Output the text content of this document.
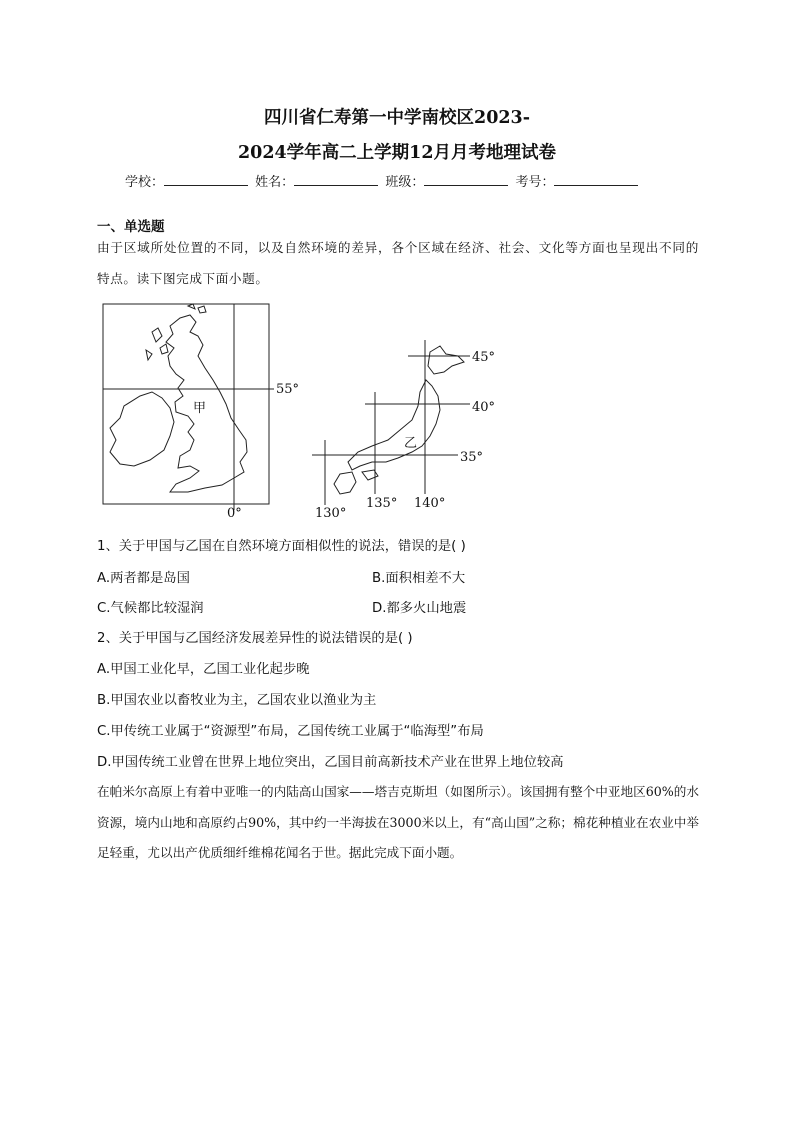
四川省仁寿第一中学南校区2023-
2024学年高二上学期12月月考地理试卷
学校：	姓名：	班级：	考号：
一、单选题

由于区域所处位置的不同，以及自然环境的差异，各个区域在经济、社会、文化等方面也呈现出不同的特点。读下图完成下面小题。

55°
0°
甲
45°
40°
35°
130°
135° 140°
乙
1、关于甲国与乙国在自然环境方面相似性的说法，错误的是( )
A.两者都是岛国	B.面积相差不大
C.气候都比较湿润	D.都多火山地震
2、关于甲国与乙国经济发展差异性的说法错误的是( )
A.甲国工业化早，乙国工业化起步晚
B.甲国农业以畜牧业为主，乙国农业以渔业为主
C.甲传统工业属于“资源型”布局，乙国传统工业属于“临海型”布局
D.甲国传统工业曾在世界上地位突出，乙国目前高新技术产业在世界上地位较高

在帕米尔高原上有着中亚唯一的内陆高山国家——塔吉克斯坦（如图所示）。该国拥有整个中亚地区60%的水资源，境内山地和高原约占90%，其中约一半海拔在3000米以上，有“高山国”之称；棉花种植业在农业中举足轻重，尤以出产优质细纤维棉花闻名于世。据此完成下面小题。
